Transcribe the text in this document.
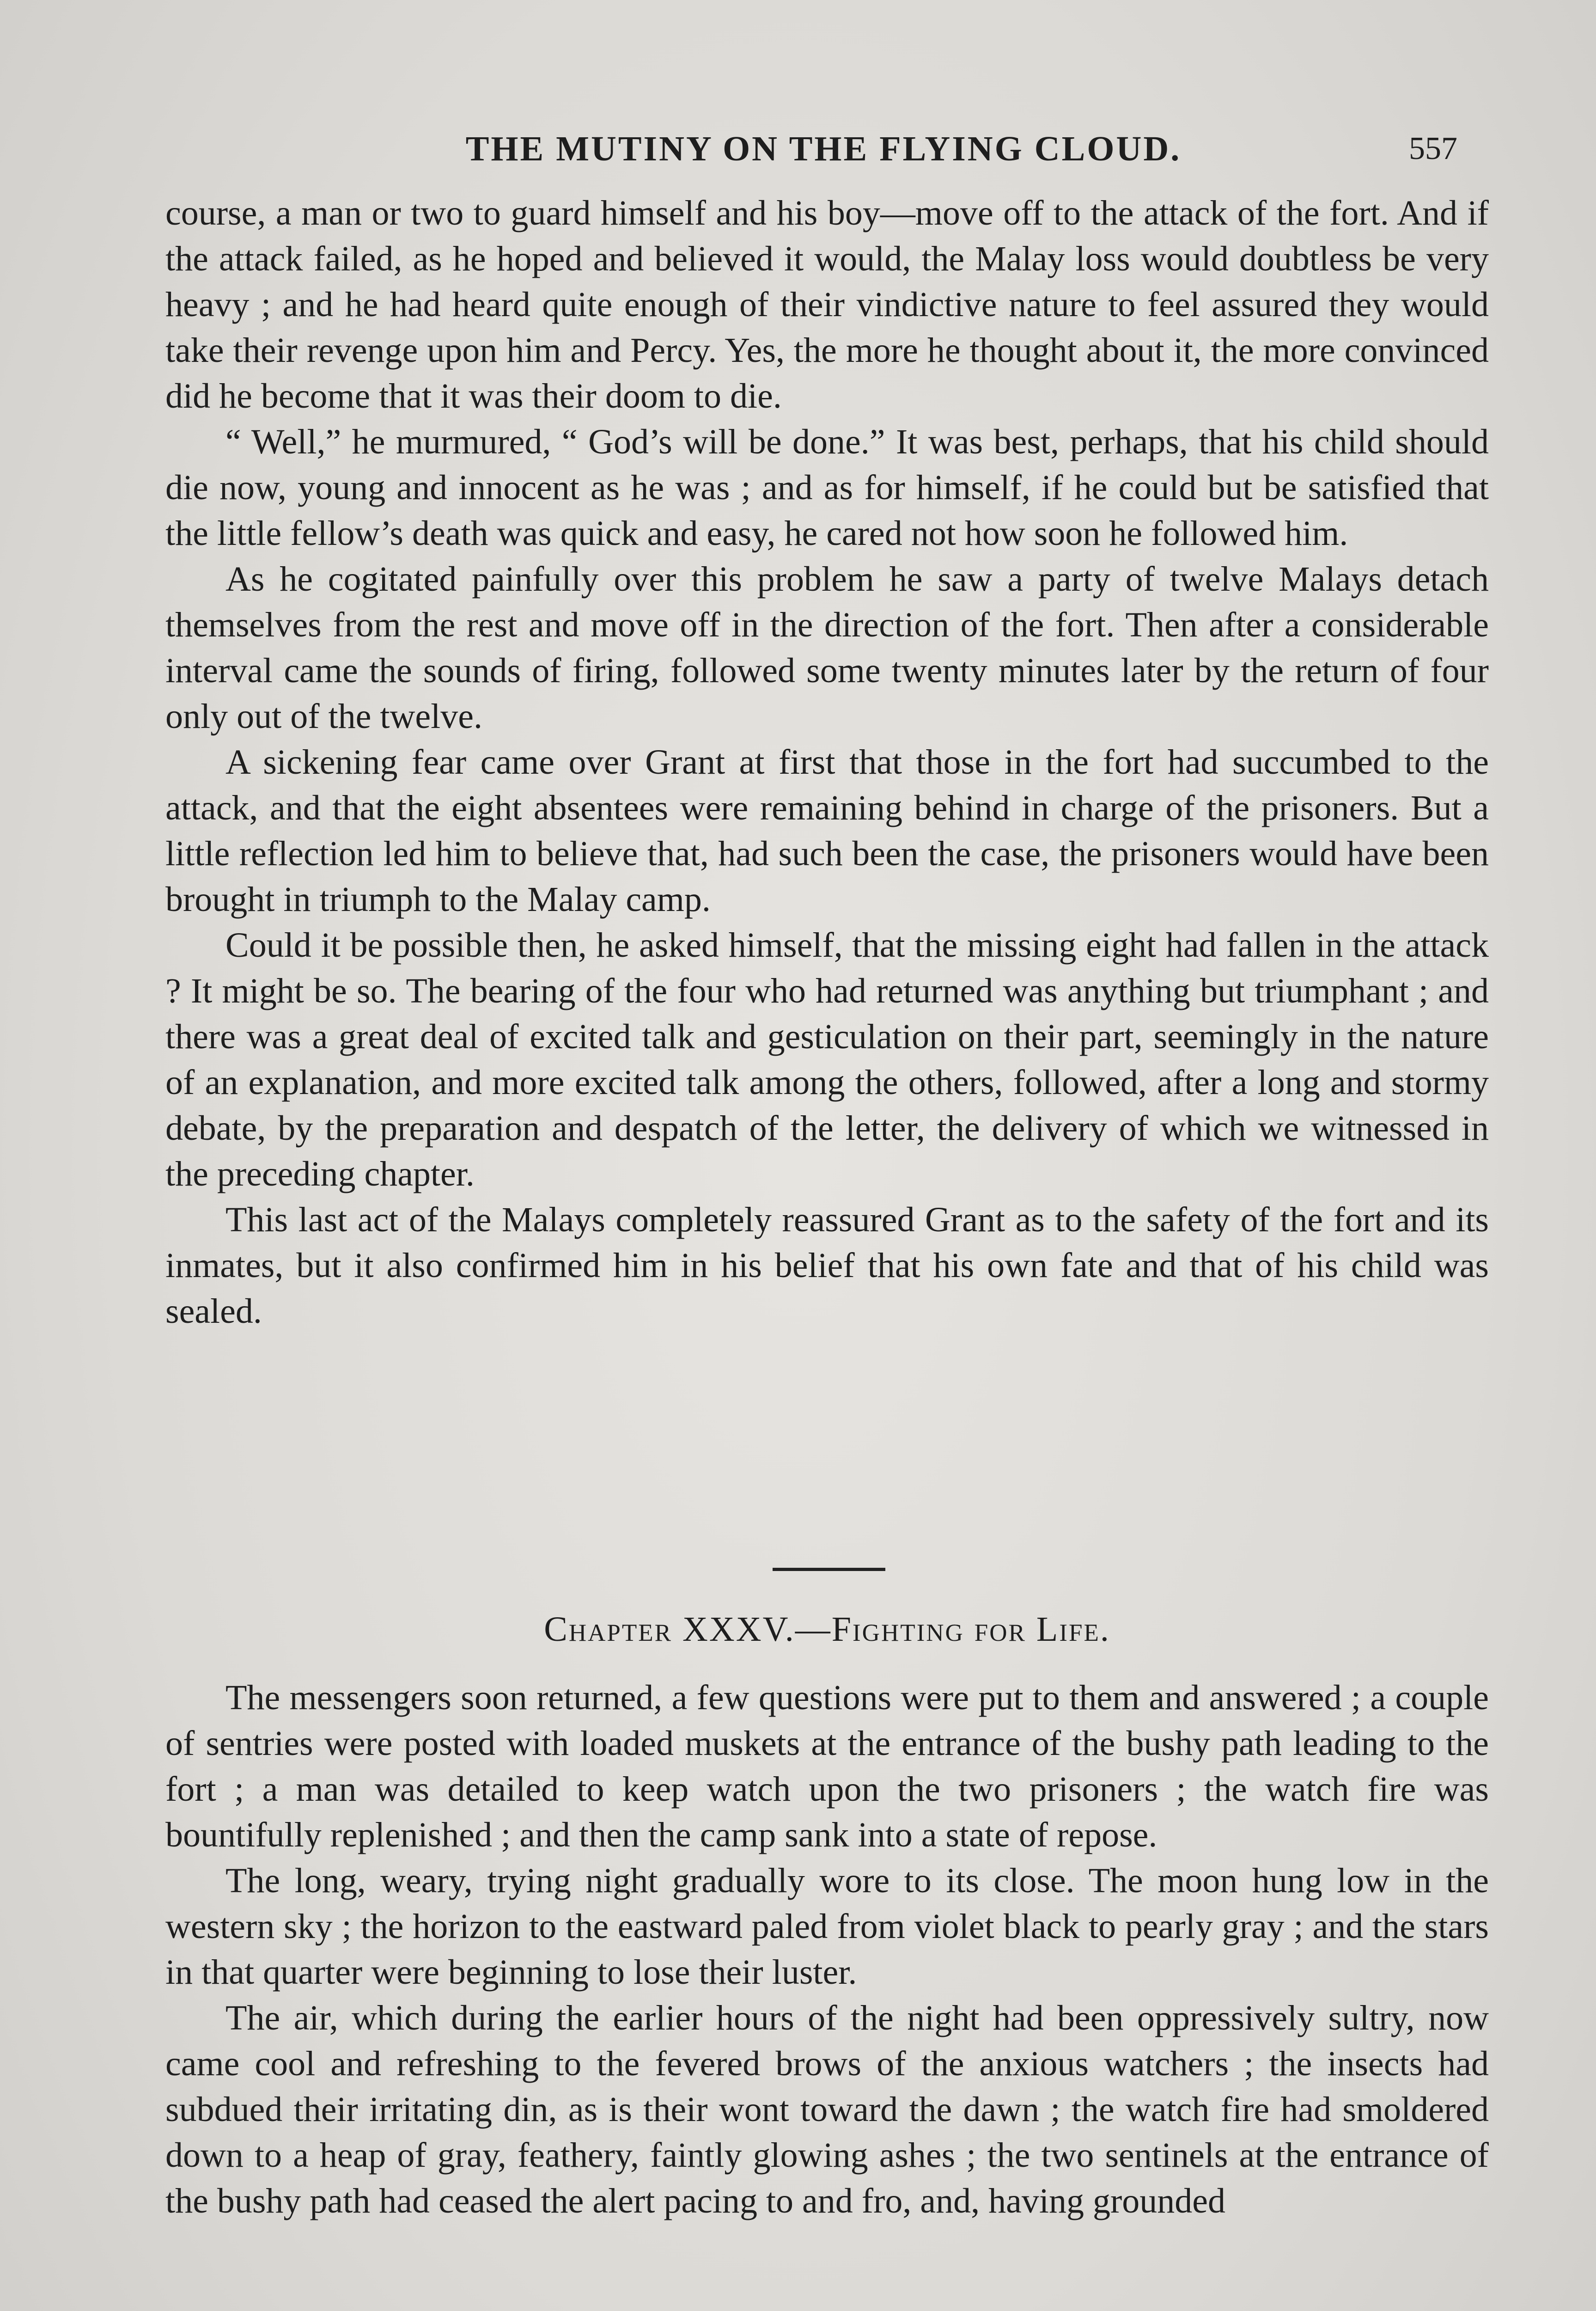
THE MUTINY ON THE FLYING CLOUD.	557

course, a man or two to guard himself and his boy—move off to the attack of the fort. And if the attack failed, as he hoped and believed it would, the Malay loss would doubtless be very heavy ; and he had heard quite enough of their vindictive nature to feel assured they would take their revenge upon him and Percy. Yes, the more he thought about it, the more convinced did he become that it was their doom to die.

“ Well,” he murmured, “ God’s will be done.” It was best, perhaps, that his child should die now, young and innocent as he was ; and as for himself, if he could but be satisfied that the little fellow’s death was quick and easy, he cared not how soon he followed him.

As he cogitated painfully over this problem he saw a party of twelve Malays detach themselves from the rest and move off in the direction of the fort. Then after a considerable interval came the sounds of firing, followed some twenty minutes later by the return of four only out of the twelve.

A sickening fear came over Grant at first that those in the fort had succumbed to the attack, and that the eight absentees were remaining behind in charge of the prisoners. But a little reflection led him to believe that, had such been the case, the prisoners would have been brought in triumph to the Malay camp.

Could it be possible then, he asked himself, that the missing eight had fallen in the attack ? It might be so. The bearing of the four who had returned was anything but triumphant ; and there was a great deal of excited talk and gesticulation on their part, seemingly in the nature of an explanation, and more excited talk among the others, followed, after a long and stormy debate, by the preparation and despatch of the letter, the delivery of which we witnessed in the preceding chapter.

This last act of the Malays completely reassured Grant as to the safety of the fort and its inmates, but it also confirmed him in his belief that his own fate and that of his child was sealed.

Chapter XXXV.—Fighting for Life.

The messengers soon returned, a few questions were put to them and answered ; a couple of sentries were posted with loaded muskets at the entrance of the bushy path leading to the fort ; a man was detailed to keep watch upon the two prisoners ; the watch fire was bountifully replenished ; and then the camp sank into a state of repose.

The long, weary, trying night gradually wore to its close. The moon hung low in the western sky ; the horizon to the eastward paled from violet black to pearly gray ; and the stars in that quarter were beginning to lose their luster.

The air, which during the earlier hours of the night had been oppressively sultry, now came cool and refreshing to the fevered brows of the anxious watchers ; the insects had subdued their irritating din, as is their wont toward the dawn ; the watch fire had smoldered down to a heap of gray, feathery, faintly glowing ashes ; the two sentinels at the entrance of the bushy path had ceased the alert pacing to and fro, and, having grounded
